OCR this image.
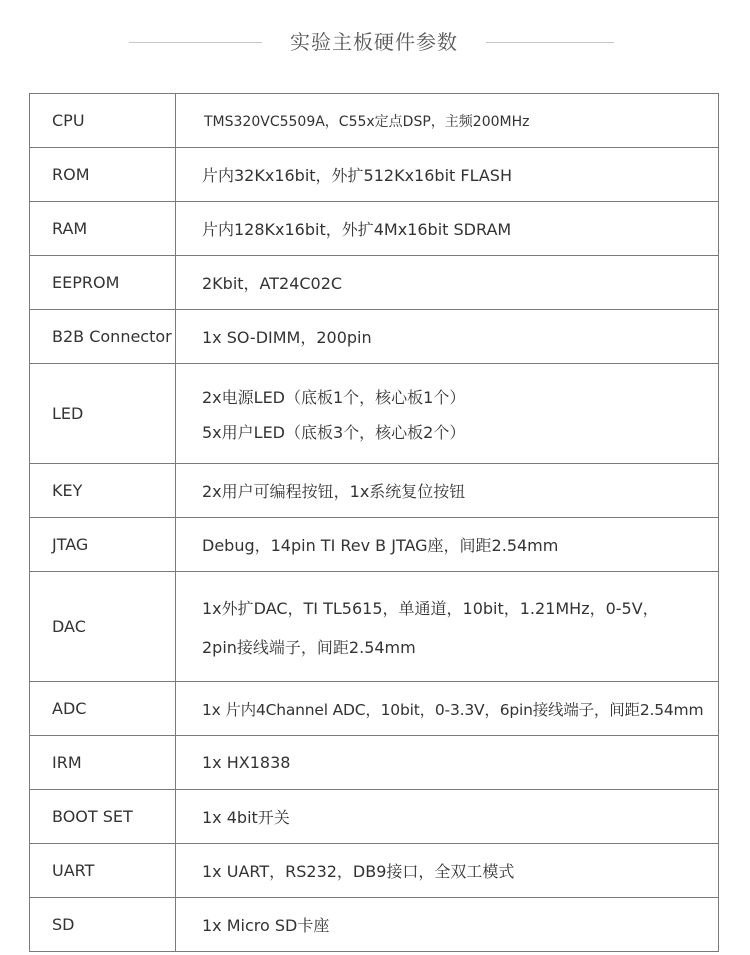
实验主板硬件参数
CPU	TMS320VC5509A，C55x定点DSP，主频200MHz

ROM	片内32Kx16bit，外扩512Kx16bit FLASH

RAM	片内128Kx16bit，外扩4Mx16bit SDRAM

EEPROM	2Kbit，AT24C02C

B2B Connector	1x SO-DIMM，200pin

LED	2x电源LED（底板1个，核心板1个）
5x用户LED（底板3个，核心板2个）

KEY	2x用户可编程按钮，1x系统复位按钮

JTAG	Debug，14pin TI Rev B JTAG座，间距2.54mm

DAC	1x外扩DAC，TI TL5615，单通道，10bit，1.21MHz，0-5V，
2pin接线端子，间距2.54mm

ADC	1x 片内4Channel ADC，10bit，0-3.3V，6pin接线端子，间距2.54mm

IRM	1x HX1838

BOOT SET	1x 4bit开关

UART	1x UART，RS232，DB9接口，全双工模式

SD	1x Micro SD卡座
